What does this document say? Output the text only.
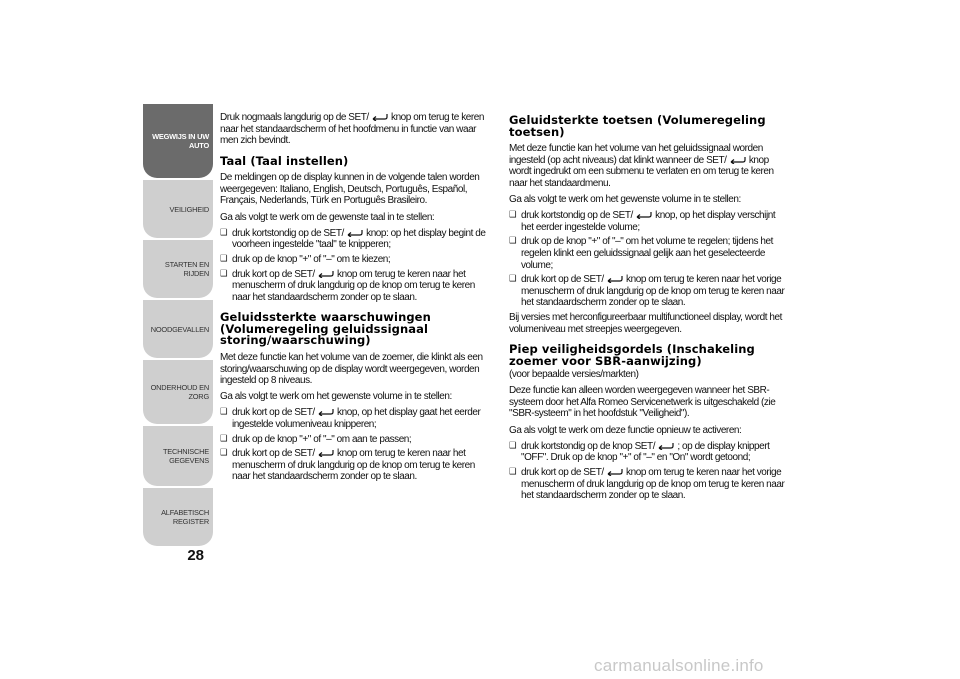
WEGWIJS IN UW AUTO
VEILIGHEID
STARTEN EN RIJDEN
NOODGEVALLEN
ONDERHOUD EN ZORG
TECHNISCHE GEGEVENS
ALFABETISCH REGISTER
28

Druk nogmaals langdurig op de SET/ knop om terug te keren naar het standaardscherm of het hoofdmenu in functie van waar men zich bevindt.

Taal (Taal instellen)

De meldingen op de display kunnen in de volgende talen worden weergegeven: Italiano, English, Deutsch, Português, Español, Français, Nederlands, Türk en Português Brasileiro.

Ga als volgt te werk om de gewenste taal in te stellen:

❑ druk kortstondig op de SET/ knop: op het display begint de voorheen ingestelde "taal" te knipperen;
❑ druk op de knop "+" of "–" om te kiezen;
❑ druk kort op de SET/ knop om terug te keren naar het menuscherm of druk langdurig op de knop om terug te keren naar het standaardscherm zonder op te slaan.
Geluidssterkte waarschuwingen (Volumeregeling geluidssignaal storing/waarschuwing)

Met deze functie kan het volume van de zoemer, die klinkt als een storing/waarschuwing op de display wordt weergegeven, worden ingesteld op 8 niveaus.

Ga als volgt te werk om het gewenste volume in te stellen:

❑ druk kort op de SET/ knop, op het display gaat het eerder ingestelde volumeniveau knipperen;
❑ druk op de knop "+" of "–" om aan te passen;
❑ druk kort op de SET/ knop om terug te keren naar het menuscherm of druk langdurig op de knop om terug te keren naar het standaardscherm zonder op te slaan.
Geluidsterkte toetsen (Volumeregeling toetsen)

Met deze functie kan het volume van het geluidssignaal worden ingesteld (op acht niveaus) dat klinkt wanneer de SET/ knop wordt ingedrukt om een submenu te verlaten en om terug te keren naar het standaardmenu.

Ga als volgt te werk om het gewenste volume in te stellen:

❑ druk kortstondig op de SET/ knop, op het display verschijnt het eerder ingestelde volume;
❑ druk op de knop "+" of "–" om het volume te regelen; tijdens het regelen klinkt een geluidssignaal gelijk aan het geselecteerde volume;
❑ druk kort op de SET/ knop om terug te keren naar het vorige menuscherm of druk langdurig op de knop om terug te keren naar het standaardscherm zonder op te slaan.

Bij versies met herconfigureerbaar multifunctioneel display, wordt het volumeniveau met streepjes weergegeven.

Piep veiligheidsgordels (Inschakeling zoemer voor SBR-aanwijzing)

(voor bepaalde versies/markten)

Deze functie kan alleen worden weergegeven wanneer het SBR-systeem door het Alfa Romeo Servicenetwerk is uitgeschakeld (zie "SBR-systeem" in het hoofdstuk "Veiligheid").

Ga als volgt te werk om deze functie opnieuw te activeren:

❑ druk kortstondig op de knop SET/ ; op de display knippert "OFF". Druk op de knop "+" of "–" en "On" wordt getoond;
❑ druk kort op de SET/ knop om terug te keren naar het vorige menuscherm of druk langdurig op de knop om terug te keren naar het standaardscherm zonder op te slaan.
carmanualsonline.info
